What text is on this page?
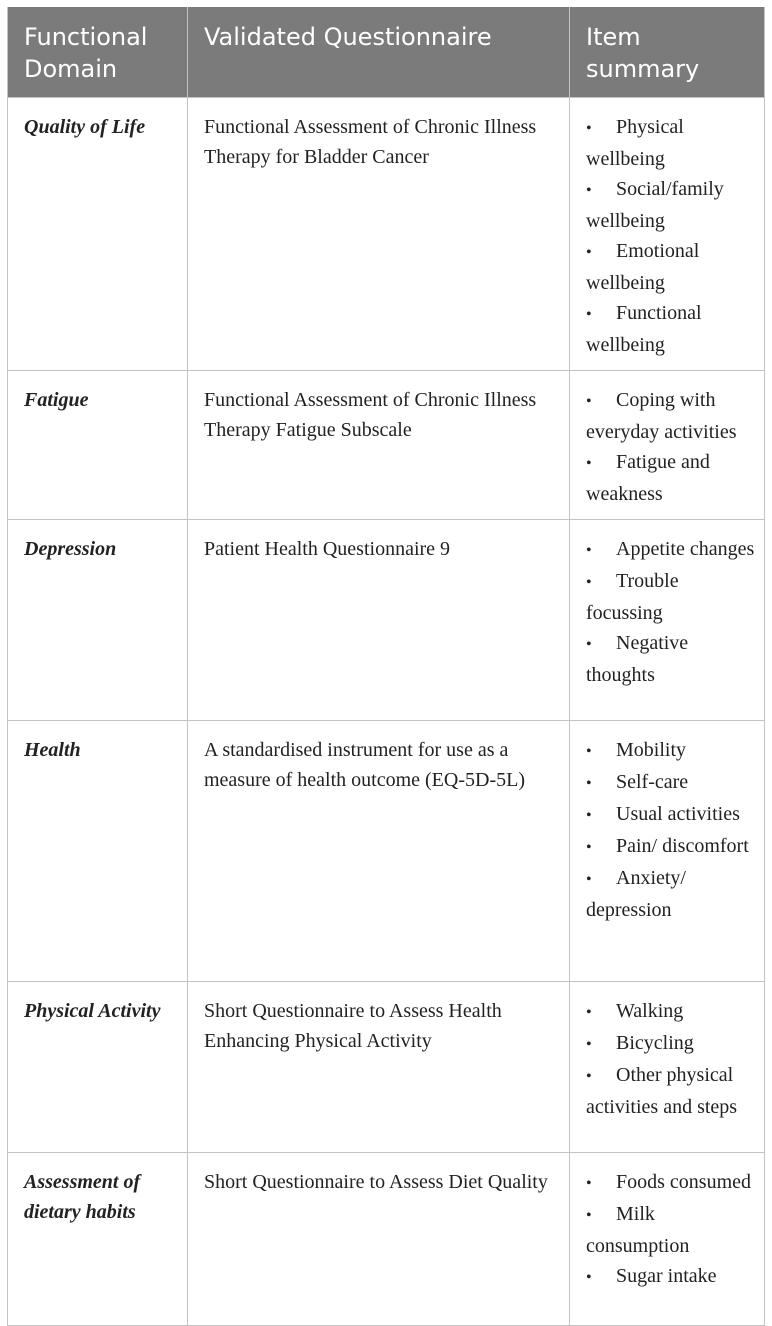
Functional Domain	Validated Questionnaire	Item summary
Quality of Life	Functional Assessment of Chronic Illness Therapy for Bladder Cancer	• Physical wellbeing
• Social/family wellbeing
• Emotional wellbeing
• Functional wellbeing

Fatigue	Functional Assessment of Chronic Illness Therapy Fatigue Subscale	• Coping with everyday activities
• Fatigue and weakness

Depression	Patient Health Questionnaire 9	• Appetite changes
• Trouble focussing
• Negative thoughts

Health	A standardised instrument for use as a measure of health outcome (EQ-5D-5L)	• Mobility
• Self-care
• Usual activities
• Pain/ discomfort
• Anxiety/ depression

Physical Activity	Short Questionnaire to Assess Health Enhancing Physical Activity	• Walking
• Bicycling
• Other physical activities and steps

Assessment of dietary habits	Short Questionnaire to Assess Diet Quality	• Foods consumed
• Milk consumption
• Sugar intake
